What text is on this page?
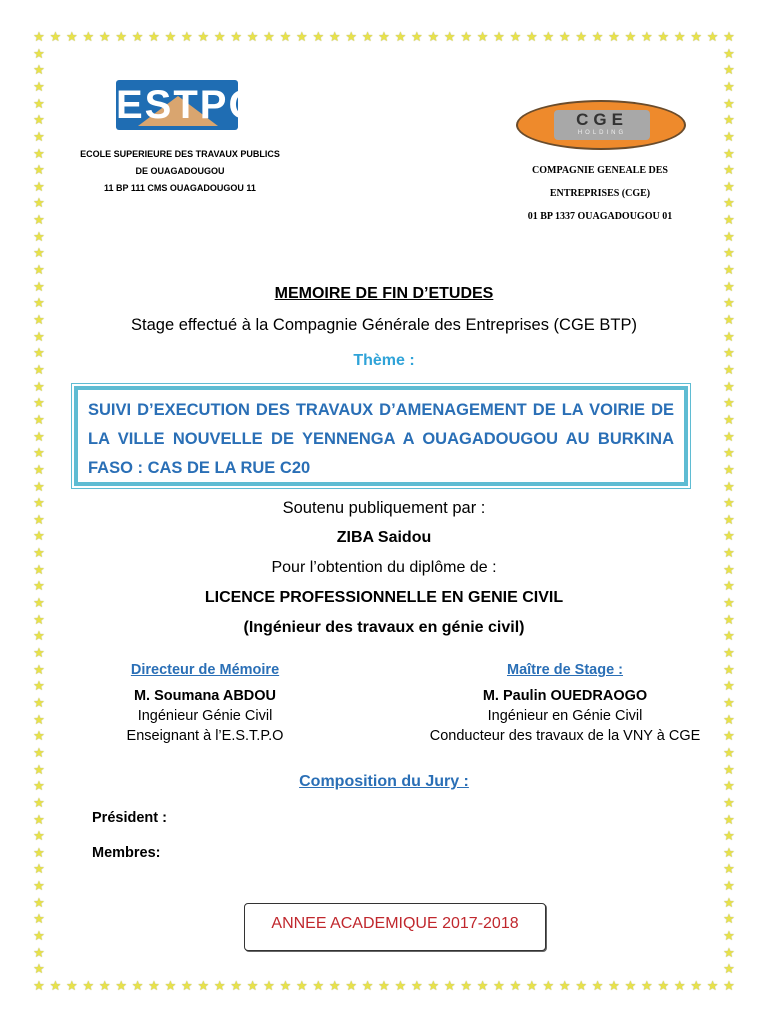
★
★
★
★
★
★
★
★
★
★
★
★
★
★
★
★
★
★
★
★
★
★
★
★
★
★
★
★
★
★
★
★
★
★
★
★
★
★
★
★
★
★
★
★
★
★
★
★
★
★
★
★
★
★
★
★
★
★
★
★
★
★
★
★
★
★
★
★
★
★
★
★
★
★
★
★
★
★
★
★
★
★
★
★
★
★
★	★
★	★
★	★
★	★
★	★
★	★
★	★
★	★
★	★
★	★
★	★
★	★
★	★
★	★
★	★
★	★
★	★
★	★
★	★
★	★
★	★
★	★
★	★
★	★
★	★
★	★
★	★
★	★
★	★
★	★
★	★
★	★
★	★
★	★
★	★
★	★
★	★
★	★
★	★
★	★
★	★
★	★
★	★
★	★
★	★
★	★
★	★
★	★
★	★
★	★
★	★
★	★
★	★
★	★
★	★
★	★
ESTPO
ECOLE SUPERIEURE DES TRAVAUX PUBLICS
DE OUAGADOUGOU
11 BP 111 CMS OUAGADOUGOU 11
CGE
HOLDING
COMPAGNIE GENEALE DES
ENTREPRISES (CGE)
01 BP 1337 OUAGADOUGOU 01
MEMOIRE DE FIN D’ETUDES
Stage effectué à la Compagnie Générale des Entreprises (CGE BTP)
Thème :
SUIVI D’EXECUTION DES TRAVAUX D’AMENAGEMENT DE LA VOIRIE DE LA VILLE NOUVELLE DE YENNENGA A OUAGADOUGOU AU BURKINA FASO : CAS DE LA RUE C20
Soutenu publiquement par :
ZIBA Saidou
Pour l’obtention du diplôme de :
LICENCE PROFESSIONNELLE EN GENIE CIVIL
(Ingénieur des travaux en génie civil)
Directeur de Mémoire
M. Soumana ABDOU
Ingénieur Génie Civil
Enseignant à l’E.S.T.P.O
Maître de Stage :
M. Paulin OUEDRAOGO
Ingénieur en Génie Civil
Conducteur des travaux de la VNY à CGE
Composition du Jury :
Président :
Membres:
ANNEE ACADEMIQUE 2017-2018
